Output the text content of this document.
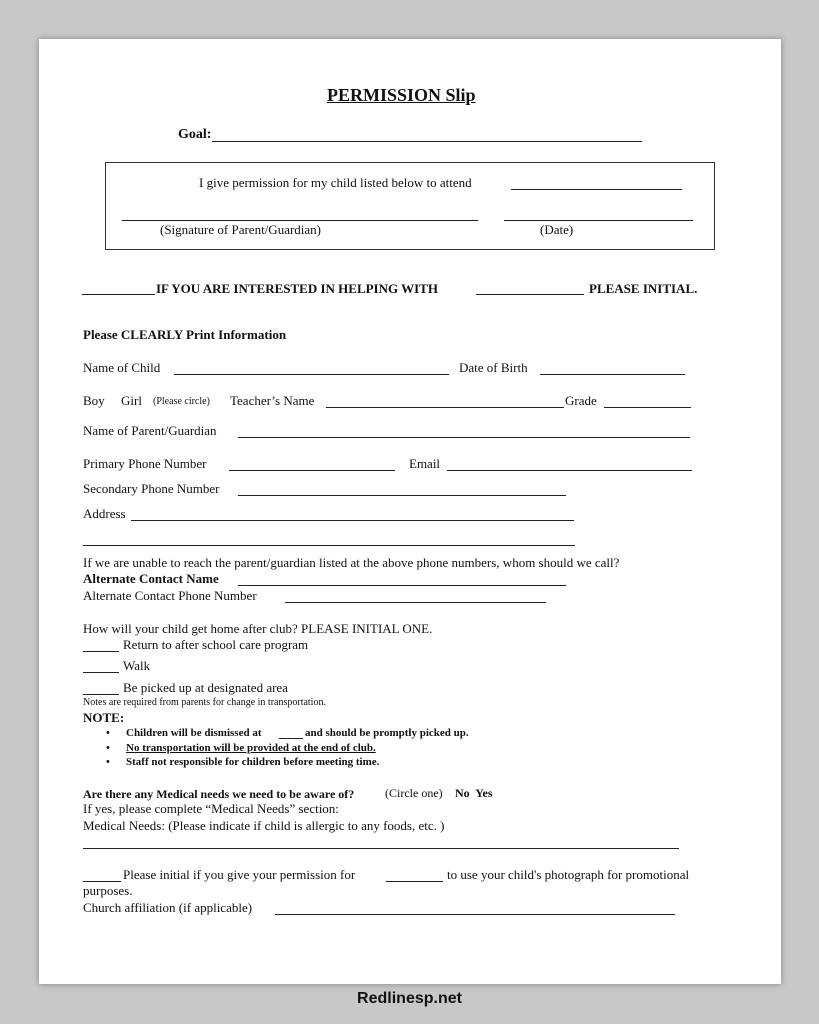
PERMISSION Slip
Goal:
I give permission for my child listed below to attend
(Signature of Parent/Guardian)	(Date)
IF YOU ARE INTERESTED IN HELPING WITH	PLEASE INITIAL.
Please CLEARLY Print Information
Name of Child	Date of Birth
Boy Girl (Please circle) Teacher’s Name	Grade
Name of Parent/Guardian
Primary Phone Number	Email
Secondary Phone Number
Address
If we are unable to reach the parent/guardian listed at the above phone numbers, whom should we call?
Alternate Contact Name
Alternate Contact Phone Number
How will your child get home after club? PLEASE INITIAL ONE.
Return to after school care program
Walk
Be picked up at designated area
Notes are required from parents for change in transportation.
NOTE:
• Children will be dismissed at	and should be promptly picked up.
• No transportation will be provided at the end of club.
• Staff not responsible for children before meeting time.
Are there any Medical needs we need to be aware of?	(Circle one) No  Yes
If yes, please complete “Medical Needs” section:
Medical Needs: (Please indicate if child is allergic to any foods, etc. )
Please initial if you give your permission for	to use your child's photograph for promotional
purposes.
Church affiliation (if applicable)
Redlinesp.net
